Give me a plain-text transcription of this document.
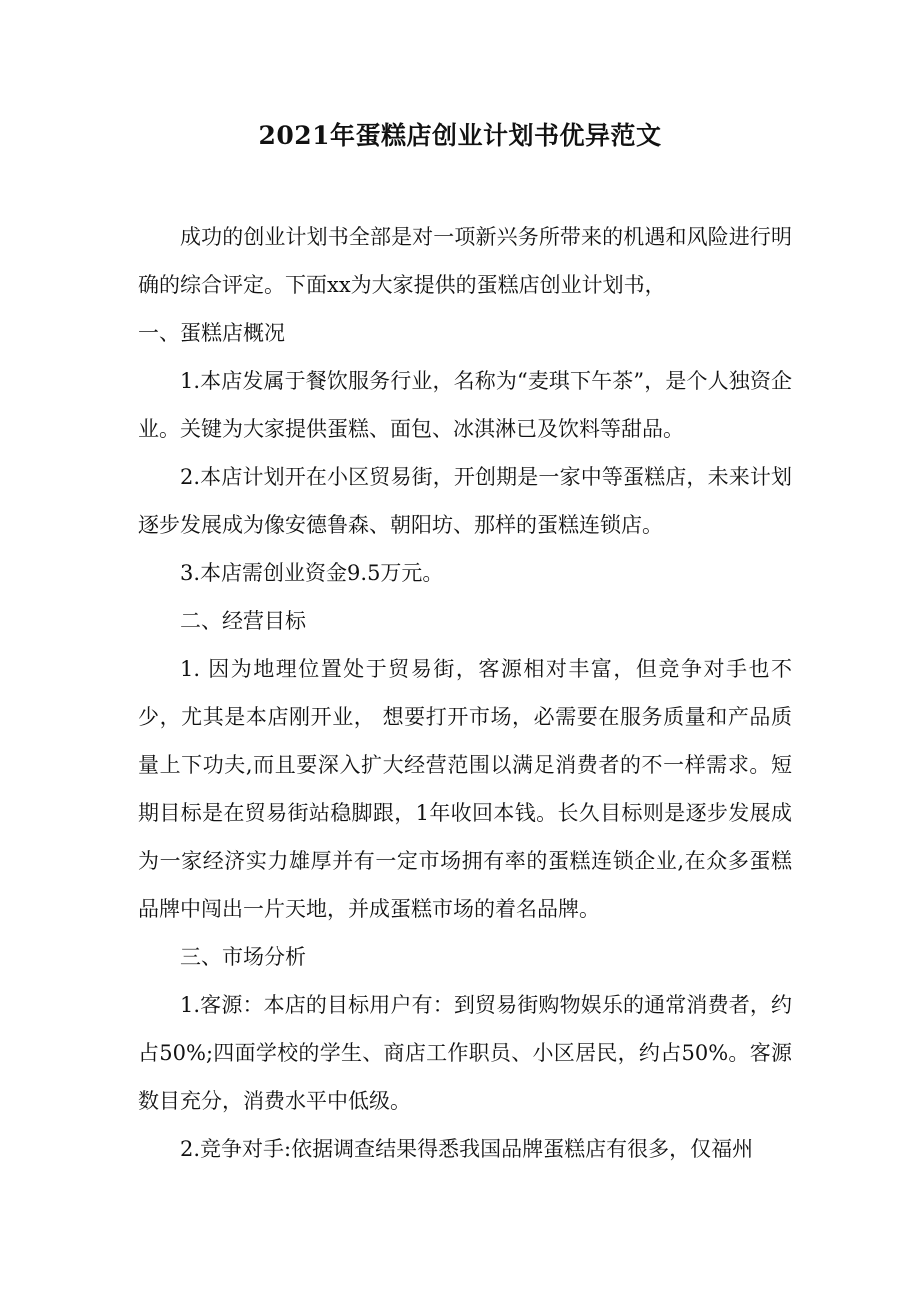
2021年蛋糕店创业计划书优异范文

成功的创业计划书全部是对一项新兴务所带来的机遇和风险进行明确的综合评定。下面xx为大家提供的蛋糕店创业计划书，

一、蛋糕店概况

1.本店发属于餐饮服务行业，名称为“麦琪下午茶”，是个人独资企业。关键为大家提供蛋糕、面包、冰淇淋已及饮料等甜品。

2.本店计划开在小区贸易街，开创期是一家中等蛋糕店，未来计划逐步发展成为像安德鲁森、朝阳坊、那样的蛋糕连锁店。

3.本店需创业资金9.5万元。

二、经营目标

1. 因为地理位置处于贸易街，客源相对丰富，但竞争对手也不少，尤其是本店刚开业， 想要打开市场，必需要在服务质量和产品质量上下功夫,而且要深入扩大经营范围以满足消费者的不一样需求。短期目标是在贸易街站稳脚跟，1年收回本钱。长久目标则是逐步发展成为一家经济实力雄厚并有一定市场拥有率的蛋糕连锁企业,在众多蛋糕品牌中闯出一片天地，并成蛋糕市场的着名品牌。

三、市场分析

1.客源：本店的目标用户有：到贸易街购物娱乐的通常消费者，约占50%;四面学校的学生、商店工作职员、小区居民，约占50%。客源数目充分，消费水平中低级。

2.竞争对手:依据调查结果得悉我国品牌蛋糕店有很多，仅福州
